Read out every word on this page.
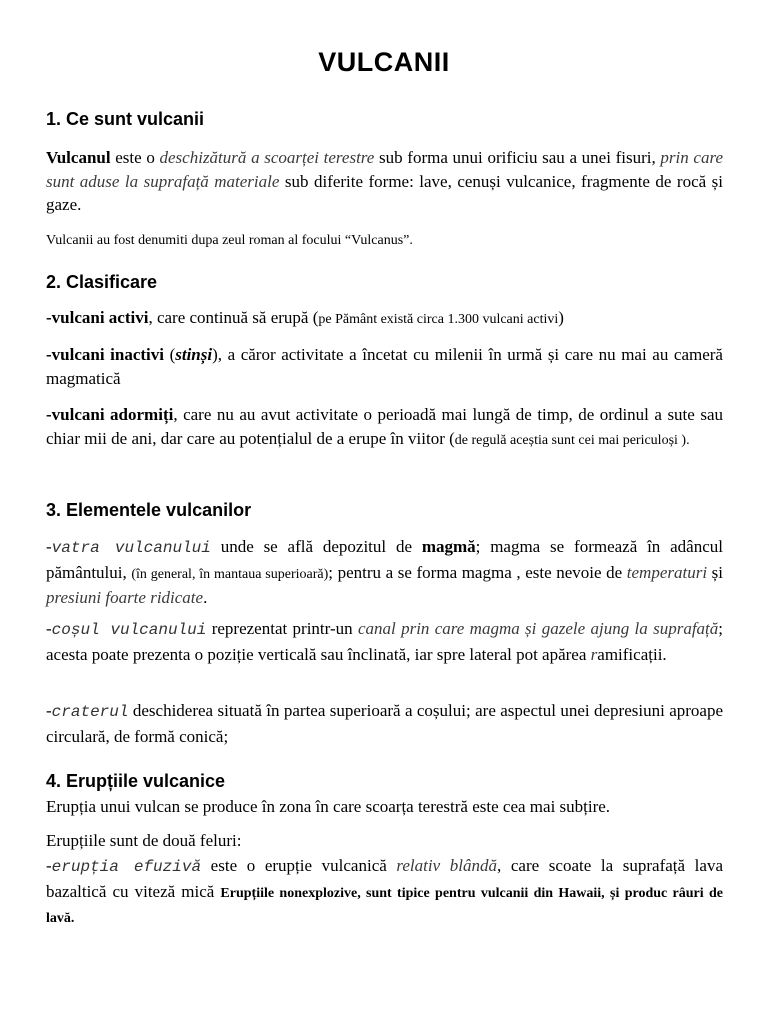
VULCANII
1. Ce sunt vulcanii
Vulcanul este o deschizătură a scoarței terestre sub forma unui orificiu sau a unei fisuri, prin care sunt aduse la suprafață materiale sub diferite forme: lave, cenuși vulcanice, fragmente de rocă și gaze.
Vulcanii au fost denumiti dupa zeul roman al focului “Vulcanus”.
2. Clasificare
-vulcani activi, care continuă să erupă (pe Pământ există circa 1.300 vulcani activi)
-vulcani inactivi (stinși), a căror activitate a încetat cu milenii în urmă și care nu mai au cameră magmatică
-vulcani adormiți, care nu au avut activitate o perioadă mai lungă de timp, de ordinul a sute sau chiar mii de ani, dar care au potențialul de a erupe în viitor (de regulă aceștia sunt cei mai periculoși ).
3. Elementele vulcanilor
-vatra vulcanului unde se află depozitul de magmă; magma se formează în adâncul pământului, (în general, în mantaua superioară); pentru a se forma magma , este nevoie de temperaturi și presiuni foarte ridicate.
-coșul vulcanului reprezentat printr-un canal prin care magma și gazele ajung la suprafață; acesta poate prezenta o poziție verticală sau înclinată, iar spre lateral pot apărea ramificații.
-craterul deschiderea situată în partea superioară a coșului; are aspectul unei depresiuni aproape circulară, de formă conică;
4. Erupțiile vulcanice
Erupția unui vulcan se produce în zona în care scoarța terestră este cea mai subțire.
Erupțiile sunt de două feluri:
-erupția efuzivă este o erupție vulcanică relativ blândă, care scoate la suprafață lava bazaltică cu viteză mică Erupțiile nonexplozive, sunt tipice pentru vulcanii din Hawaii, și produc râuri de lavă.
